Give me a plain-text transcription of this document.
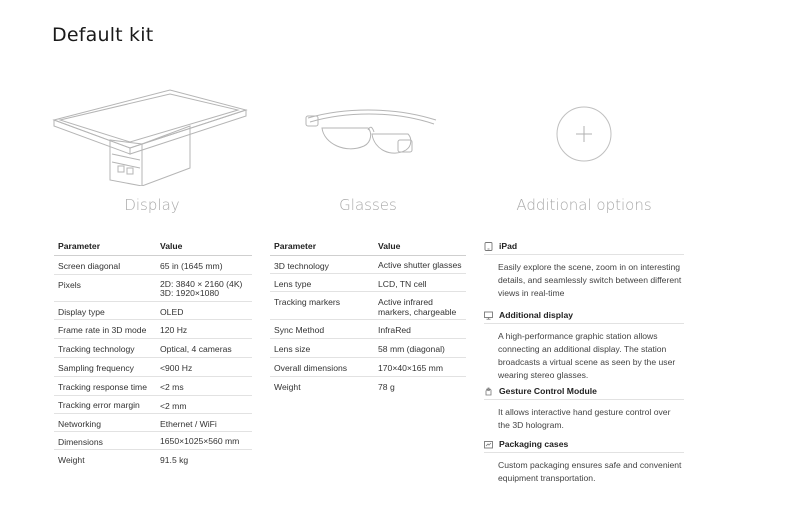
Default kit
Display	Glasses	Additional options
Parameter	Value
Screen diagonal	65 in (1645 mm)
Pixels	2D: 3840 × 2160 (4K)
3D: 1920×1080
Display type	OLED
Frame rate in 3D mode	120 Hz
Tracking technology	Optical, 4 cameras
Sampling frequency	<900 Hz
Tracking response time	<2 ms
Tracking error margin	<2 mm
Networking	Ethernet / WiFi
Dimensions	1650×1025×560 mm
Weight	91.5 kg
Parameter	Value
3D technology	Active shutter glasses
Lens type	LCD, TN cell
Tracking markers	Active infrared markers, chargeable
Sync Method	InfraRed
Lens size	58 mm (diagonal)
Overall dimensions	170×40×165 mm
Weight	78 g
iPad
Easily explore the scene, zoom in on interesting details, and seamlessly switch between different views in real-time
Additional display
A high-performance graphic station allows connecting an additional display. The station broadcasts a virtual scene as seen by the user wearing stereo glasses.
Gesture Control Module
It allows interactive hand gesture control over the 3D hologram.
Packaging cases
Custom packaging ensures safe and convenient equipment transportation.
